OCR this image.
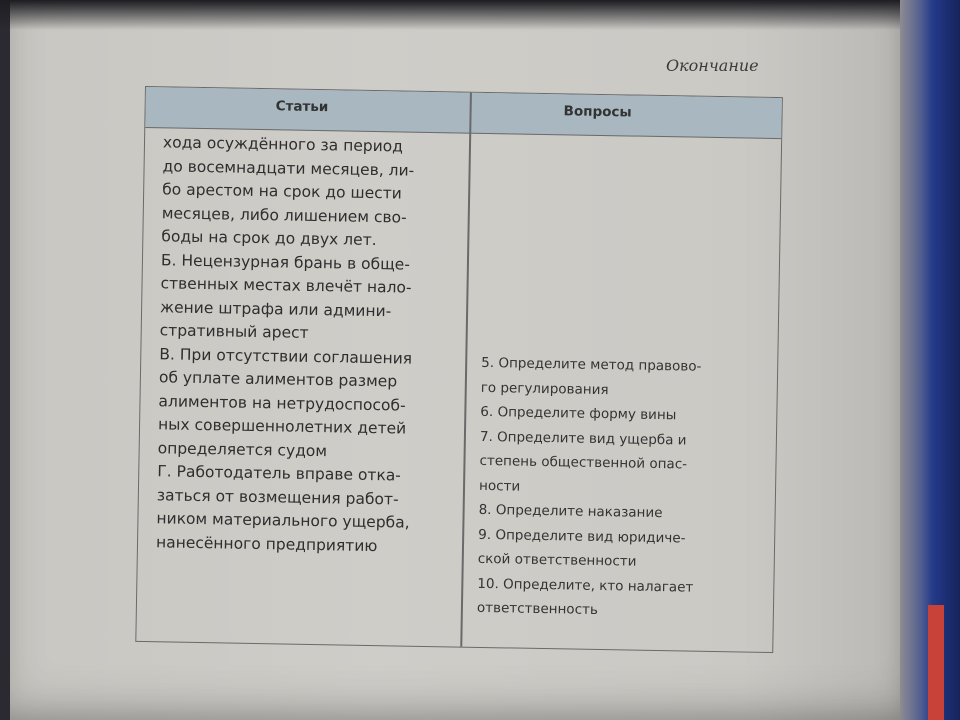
Окончание
Статьи	Вопросы
хода осуждённого за период
до восемнадцати месяцев, ли-
бо арестом на срок до шести
месяцев, либо лишением сво-
боды на срок до двух лет.
Б. Нецензурная брань в обще-
ственных местах влечёт нало-
жение штрафа или админи-
стративный арест
В. При отсутствии соглашения
об уплате алиментов размер
алиментов на нетрудоспособ-
ных совершеннолетних детей
определяется судом
Г. Работодатель вправе отка-
заться от возмещения работ-
ником материального ущерба,
нанесённого предприятию
5. Определите метод правово-
го регулирования
6. Определите форму вины
7. Определите вид ущерба и
степень общественной опас-
ности
8. Определите наказание
9. Определите вид юридиче-
ской ответственности
10. Определите, кто налагает
ответственность
